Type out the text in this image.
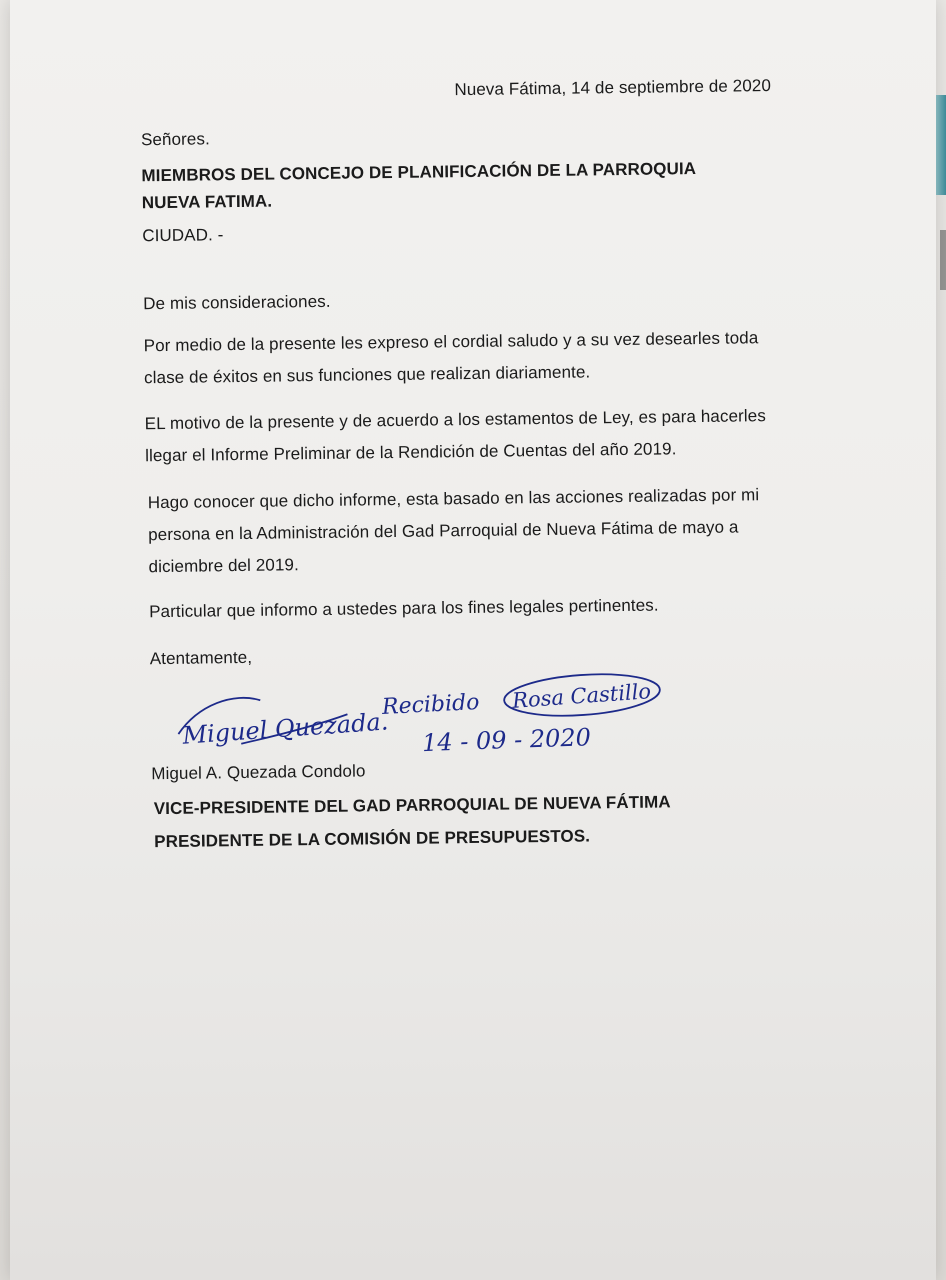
Nueva Fátima, 14 de septiembre de 2020
Señores.
MIEMBROS DEL CONCEJO DE PLANIFICACIÓN DE LA PARROQUIA
NUEVA FATIMA.
CIUDAD. -
De mis consideraciones.
Por medio de la presente les expreso el cordial saludo y a su vez desearles toda
clase de éxitos en sus funciones que realizan diariamente.
EL motivo de la presente y de acuerdo a los estamentos de Ley, es para hacerles
llegar el Informe Preliminar de la Rendición de Cuentas del año 2019.
Hago conocer que dicho informe, esta basado en las acciones realizadas por mi
persona en la Administración del Gad Parroquial de Nueva Fátima de mayo a
diciembre del 2019.
Particular que informo a ustedes para los fines legales pertinentes.
Atentamente,
Miguel A. Quezada Condolo
VICE-PRESIDENTE DEL GAD PARROQUIAL DE NUEVA FÁTIMA
PRESIDENTE DE LA COMISIÓN DE PRESUPUESTOS.
Miguel Quezada.
Recibido Rosa Castillo
14 - 09 - 2020
